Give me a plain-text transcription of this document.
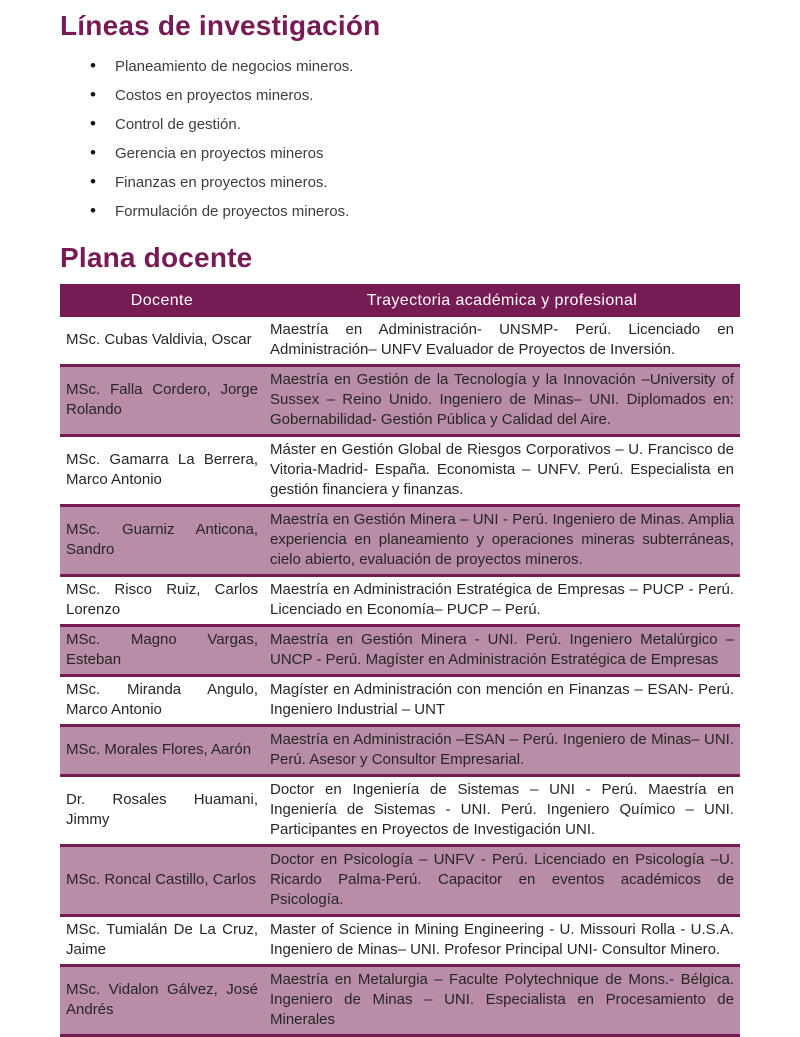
Líneas de investigación
• Planeamiento de negocios mineros.
• Costos en proyectos mineros.
• Control de gestión.
• Gerencia en proyectos mineros
• Finanzas en proyectos mineros.
• Formulación de proyectos mineros.
Plana docente
Docente	Trayectoria académica y profesional
MSc. Cubas Valdivia, Oscar	Maestría en Administración- UNSMP- Perú. Licenciado en Administración– UNFV Evaluador de Proyectos de Inversión.
MSc. Falla Cordero, Jorge Rolando	Maestría en Gestión de la Tecnología y la Innovación –University of Sussex – Reino Unido. Ingeniero de Minas– UNI. Diplomados en: Gobernabilidad- Gestión Pública y Calidad del Aire.
MSc. Gamarra La Berrera, Marco Antonio	Máster en Gestión Global de Riesgos Corporativos – U. Francisco de Vitoria-Madrid- España. Economista – UNFV. Perú. Especialista en gestión financiera y finanzas.
MSc. Guarniz Anticona, Sandro	Maestría en Gestión Minera – UNI - Perú. Ingeniero de Minas. Amplia experiencia en planeamiento y operaciones mineras subterráneas, cielo abierto, evaluación de proyectos mineros.
MSc. Risco Ruiz, Carlos Lorenzo	Maestría en Administración Estratégica de Empresas – PUCP - Perú. Licenciado en Economía– PUCP – Perú.
MSc. Magno Vargas, Esteban	Maestría en Gestión Minera - UNI. Perú. Ingeniero Metalúrgico – UNCP - Perú. Magíster en Administración Estratégica de Empresas
MSc. Miranda Angulo, Marco Antonio	Magíster en Administración con mención en Finanzas – ESAN- Perú. Ingeniero Industrial – UNT
MSc. Morales Flores, Aarón	Maestría en Administración –ESAN – Perú. Ingeniero de Minas– UNI. Perú. Asesor y Consultor Empresarial.
Dr. Rosales Huamani, Jimmy	Doctor en Ingeniería de Sistemas – UNI - Perú. Maestría en Ingeniería de Sistemas - UNI. Perú. Ingeniero Químico – UNI. Participantes en Proyectos de Investigación UNI.
MSc. Roncal Castillo, Carlos	Doctor en Psicología – UNFV - Perú. Licenciado en Psicología –U. Ricardo Palma-Perú. Capacitor en eventos académicos de Psicología.
MSc. Tumialán De La Cruz, Jaime	Master of Science in Mining Engineering - U. Missouri Rolla - U.S.A. Ingeniero de Minas– UNI. Profesor Principal UNI- Consultor Minero.
MSc. Vidalon Gálvez, José Andrés	Maestría en Metalurgia – Faculte Polytechnique de Mons.- Bélgica. Ingeniero de Minas – UNI. Especialista en Procesamiento de Minerales
